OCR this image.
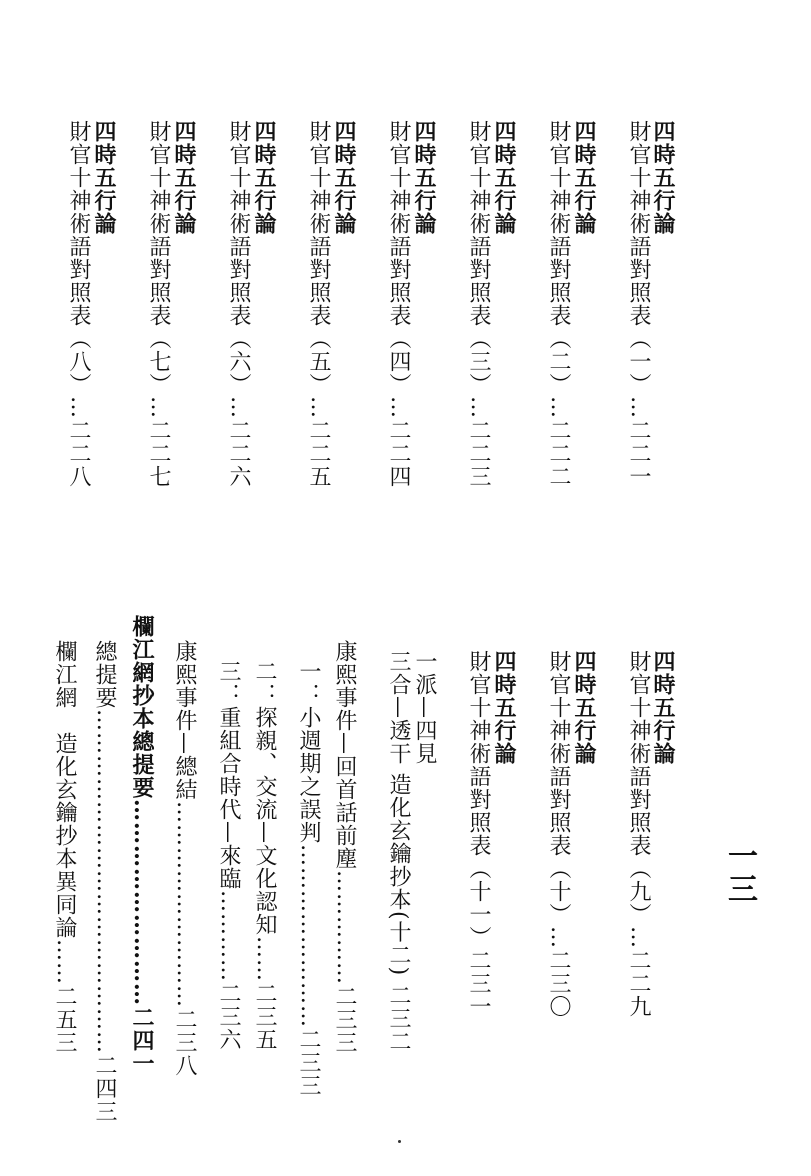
四時五行論
財官十神術語對照表（一）…二二一
四時五行論
財官十神術語對照表（二）…二二二
四時五行論
財官十神術語對照表（三）…二二三
四時五行論
財官十神術語對照表（四）…二二四
四時五行論
財官十神術語對照表（五）…二二五
四時五行論
財官十神術語對照表（六）…二二六
四時五行論
財官十神術語對照表（七）…二二七
四時五行論
財官十神術語對照表（八）…二二八
一三
四時五行論
財官十神術語對照表（九）…二二九
四時五行論
財官十神術語對照表（十）…二三〇
四時五行論
財官十神術語對照表（十一）二三一
一派—四見
三合—透干 造化玄鑰抄本(十二) 二三二
康熙事件—回首話前塵……………二三三
一：小週期之誤判……………………二三三
二：探親、交流—文化認知……二三五
三：重組合時代—來臨…………二三六
康熙事件—總結………………………二三八
欄江網抄本總提要………………………二四一
總提要………………………………………二四三
欄江網　造化玄鑰抄本異同論……二五三
